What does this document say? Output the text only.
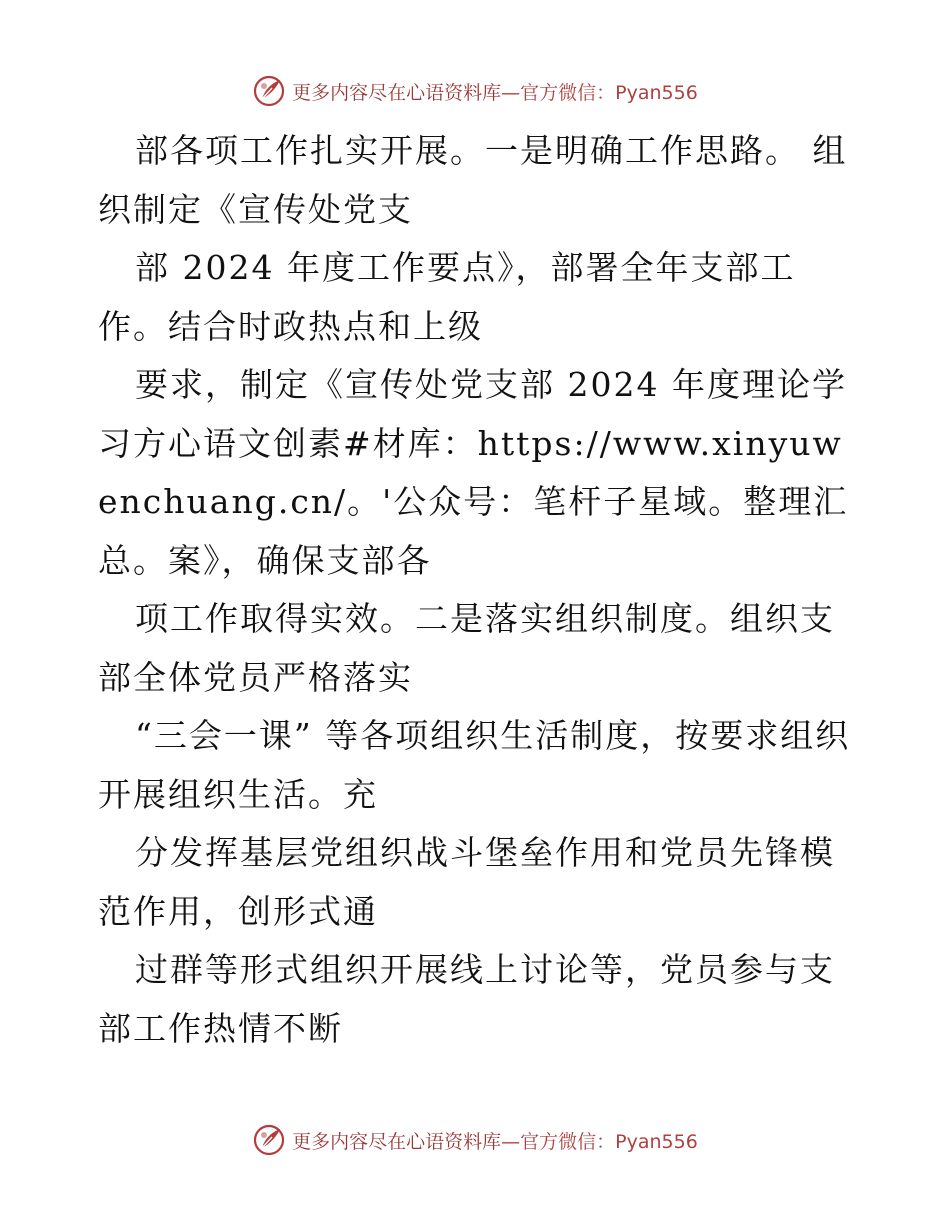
更多内容尽在心语资料库—官方微信：Pyan556

部各项工作扎实开展。一是明确工作思路。 组织制定《宣传处党支

部 2024 年度工作要点》，部署全年支部工作。结合时政热点和上级

要求，制定《宣传处党支部 2024 年度理论学习方心语文创素#材库：https://www.xinyuwenchuang.cn/。'公众号：笔杆子星域。整理汇总。案》，确保支部各

项工作取得实效。二是落实组织制度。组织支部全体党员严格落实

“三会一课” 等各项组织生活制度，按要求组织开展组织生活。充

分发挥基层党组织战斗堡垒作用和党员先锋模范作用，创形式通

过群等形式组织开展线上讨论等，党员参与支部工作热情不断

更多内容尽在心语资料库—官方微信：Pyan556
